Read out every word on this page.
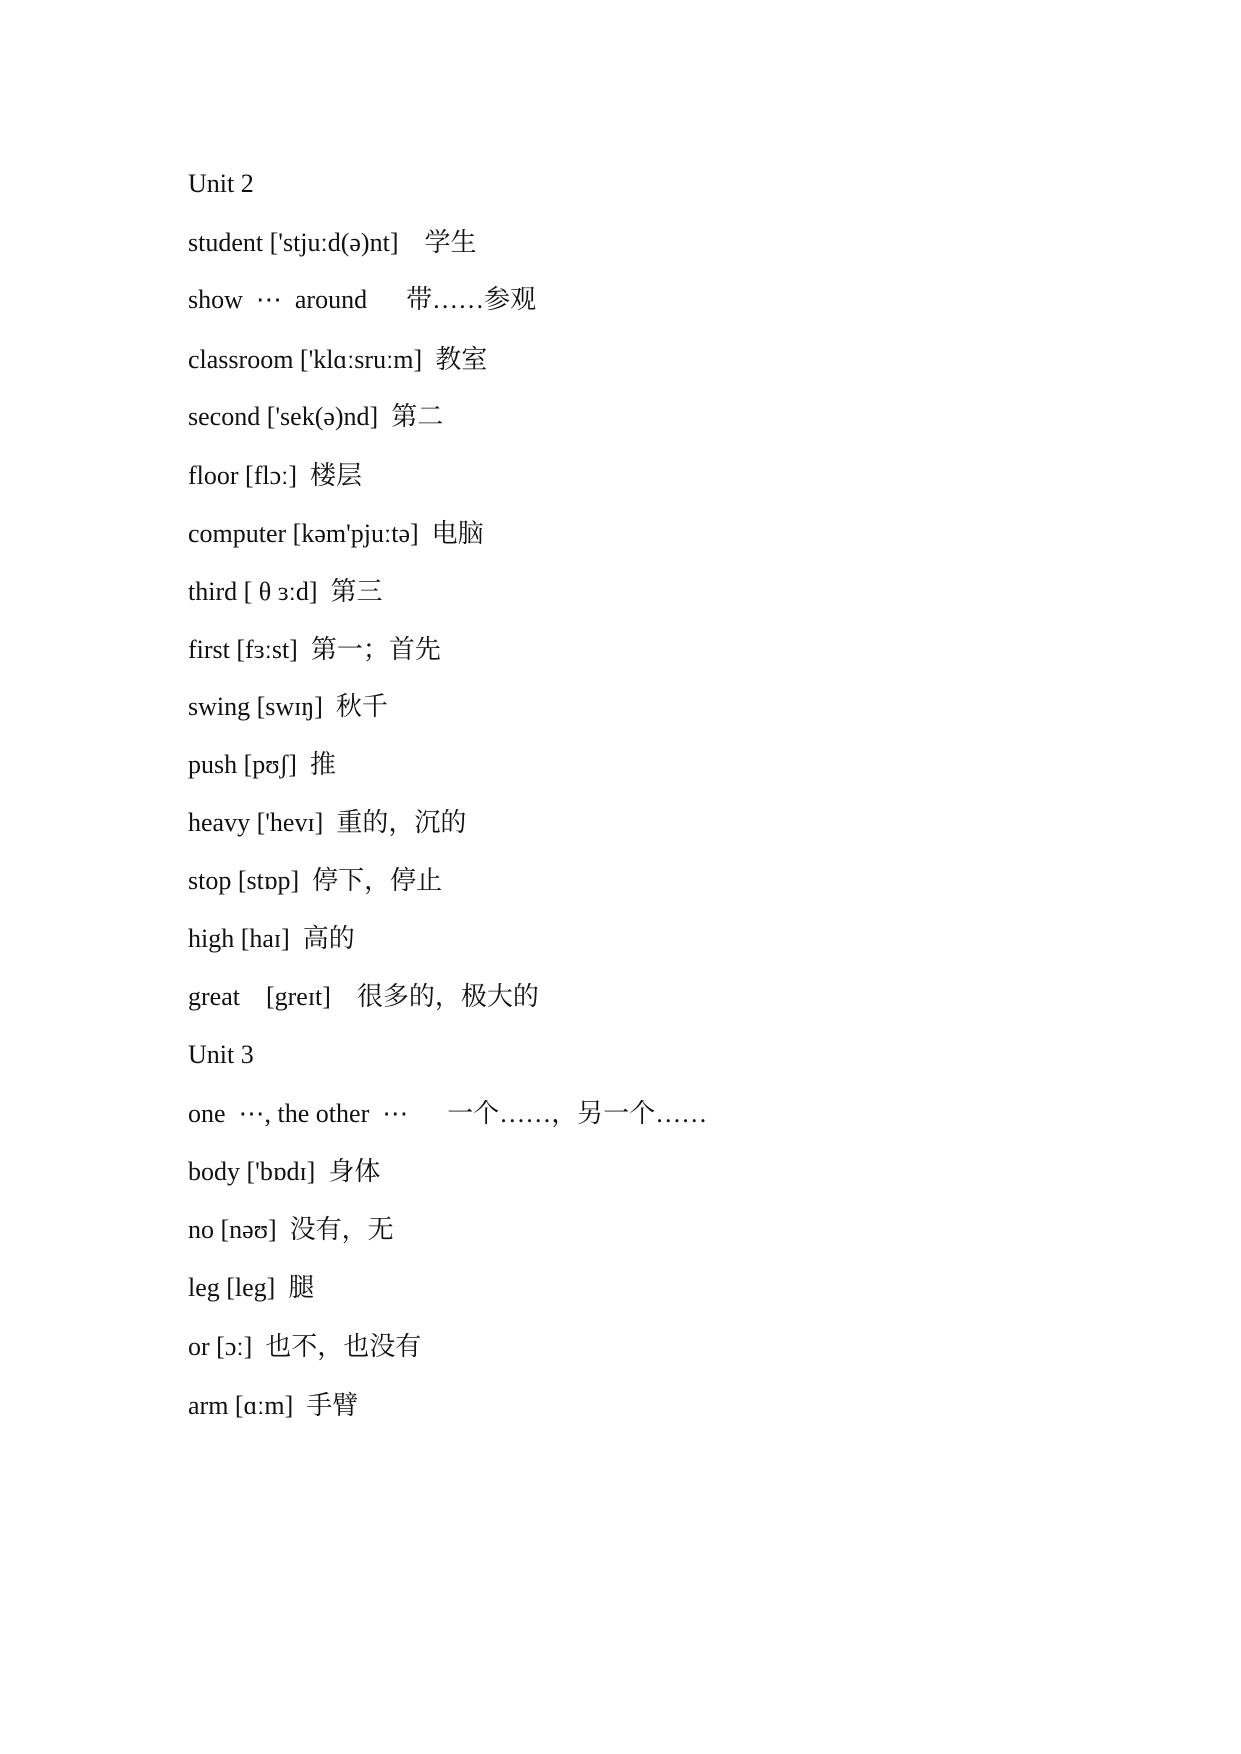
Unit 2
student ['stjuːd(ə)nt]    学生
show  ⋯  around      带……参观
classroom ['klɑːsruːm]  教室
second ['sek(ə)nd]  第二
floor [flɔː]  楼层
computer [kəm'pjuːtə]  电脑
third [ θ ɜːd]  第三
first [fɜːst]  第一；首先
swing [swɪŋ]  秋千
push [pʊʃ]  推
heavy ['hevɪ]  重的，沉的
stop [stɒp]  停下，停止
high [haɪ]  高的
great    [greɪt]    很多的，极大的
Unit 3
one  ⋯, the other  ⋯      一个……，另一个……
body ['bɒdɪ]  身体
no [nəʊ]  没有，无
leg [leg]  腿
or [ɔː]  也不，也没有
arm [ɑːm]  手臂
